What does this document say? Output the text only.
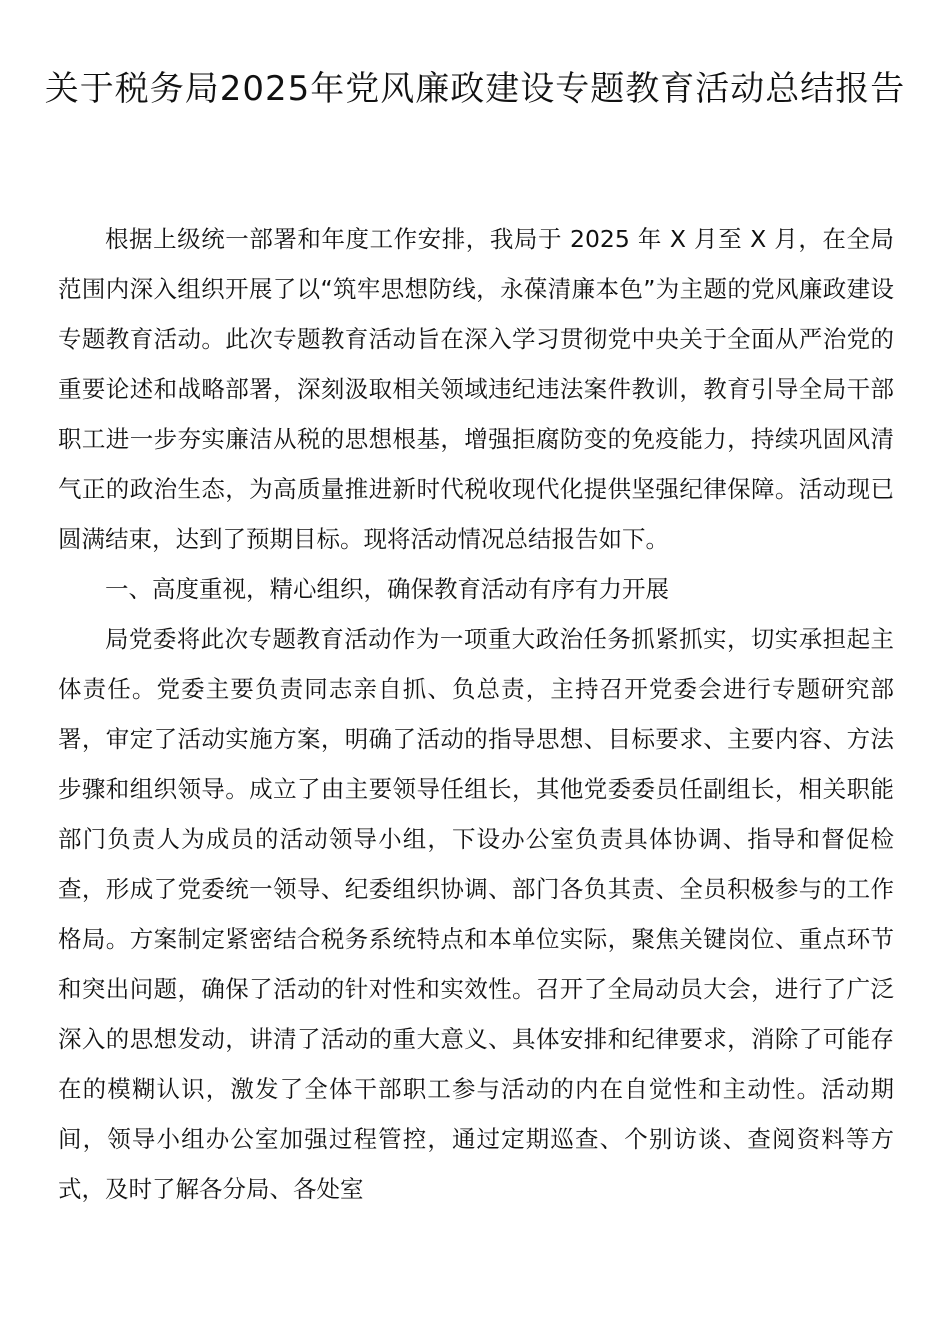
关于税务局2025年党风廉政建设专题教育活动总结报告

根据上级统一部署和年度工作安排，我局于 2025 年 X 月至 X 月，在全局范围内深入组织开展了以“筑牢思想防线，永葆清廉本色”为主题的党风廉政建设专题教育活动。此次专题教育活动旨在深入学习贯彻党中央关于全面从严治党的重要论述和战略部署，深刻汲取相关领域违纪违法案件教训，教育引导全局干部职工进一步夯实廉洁从税的思想根基，增强拒腐防变的免疫能力，持续巩固风清气正的政治生态，为高质量推进新时代税收现代化提供坚强纪律保障。活动现已圆满结束，达到了预期目标。现将活动情况总结报告如下。

一、高度重视，精心组织，确保教育活动有序有力开展

局党委将此次专题教育活动作为一项重大政治任务抓紧抓实，切实承担起主体责任。党委主要负责同志亲自抓、负总责，主持召开党委会进行专题研究部署，审定了活动实施方案，明确了活动的指导思想、目标要求、主要内容、方法步骤和组织领导。成立了由主要领导任组长，其他党委委员任副组长，相关职能部门负责人为成员的活动领导小组，下设办公室负责具体协调、指导和督促检查，形成了党委统一领导、纪委组织协调、部门各负其责、全员积极参与的工作格局。方案制定紧密结合税务系统特点和本单位实际，聚焦关键岗位、重点环节和突出问题，确保了活动的针对性和实效性。召开了全局动员大会，进行了广泛深入的思想发动，讲清了活动的重大意义、具体安排和纪律要求，消除了可能存在的模糊认识，激发了全体干部职工参与活动的内在自觉性和主动性。活动期间，领导小组办公室加强过程管控，通过定期巡查、个别访谈、查阅资料等方式，及时了解各分局、各处室
